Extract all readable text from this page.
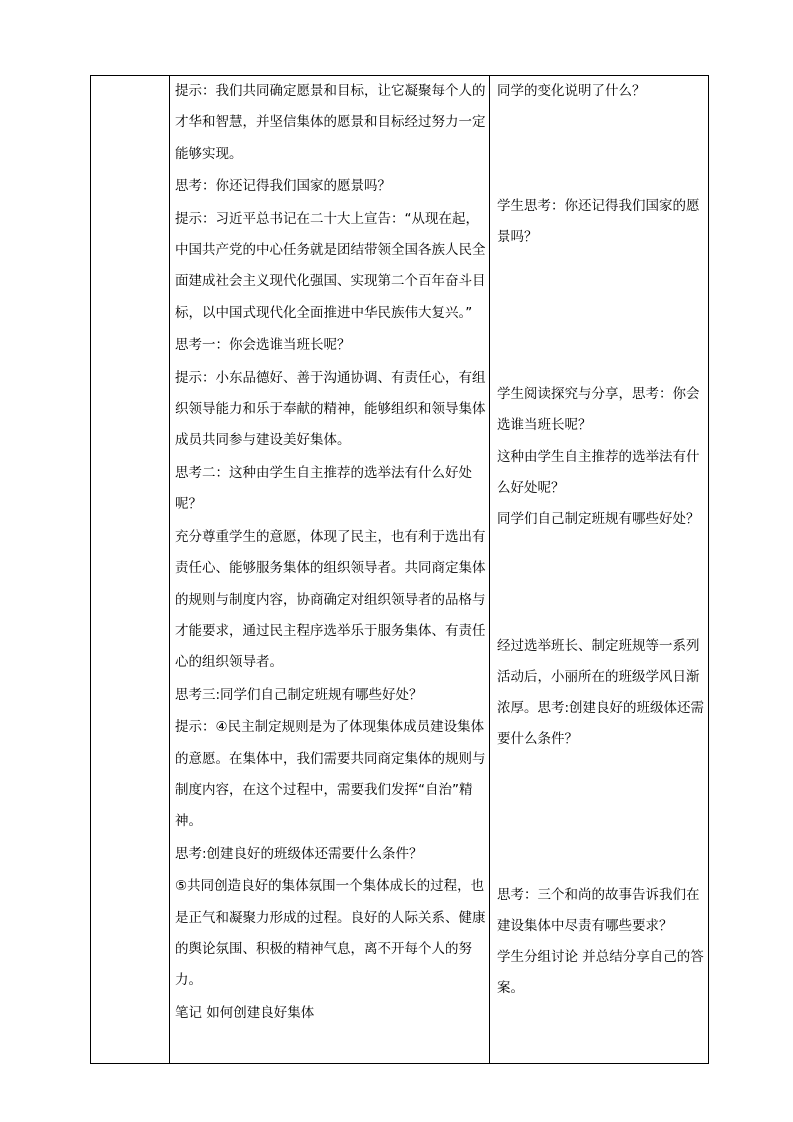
提示：我们共同确定愿景和目标，让它凝聚每个人的才华和智慧，并坚信集体的愿景和目标经过努力一定能够实现。

思考：你还记得我们国家的愿景吗？

提示：习近平总书记在二十大上宣告：“从现在起，中国共产党的中心任务就是团结带领全国各族人民全面建成社会主义现代化强国、实现第二个百年奋斗目标，以中国式现代化全面推进中华民族伟大复兴。”

思考一：你会选谁当班长呢？

提示：小东品德好、善于沟通协调、有责任心，有组织领导能力和乐于奉献的精神，能够组织和领导集体成员共同参与建设美好集体。

思考二：这种由学生自主推荐的选举法有什么好处呢？

充分尊重学生的意愿，体现了民主，也有利于选出有责任心、能够服务集体的组织领导者。共同商定集体的规则与制度内容，协商确定对组织领导者的品格与才能要求，通过民主程序选举乐于服务集体、有责任心的组织领导者。

思考三:同学们自己制定班规有哪些好处？

提示：④民主制定规则是为了体现集体成员建设集体的意愿。在集体中，我们需要共同商定集体的规则与制度内容，在这个过程中，需要我们发挥“自治”精神。

思考:创建良好的班级体还需要什么条件？

⑤共同创造良好的集体氛围一个集体成长的过程，也是正气和凝聚力形成的过程。良好的人际关系、健康的舆论氛围、积极的精神气息，离不开每个人的努力。

笔记 如何创建良好集体

同学的变化说明了什么？

学生思考：你还记得我们国家的愿景吗？

学生阅读探究与分享，思考：你会选谁当班长呢？

这种由学生自主推荐的选举法有什么好处呢？

同学们自己制定班规有哪些好处？

经过选举班长、制定班规等一系列活动后，小丽所在的班级学风日渐浓厚。思考:创建良好的班级体还需要什么条件？

思考：三个和尚的故事告诉我们在建设集体中尽责有哪些要求？

学生分组讨论 并总结分享自己的答案。
